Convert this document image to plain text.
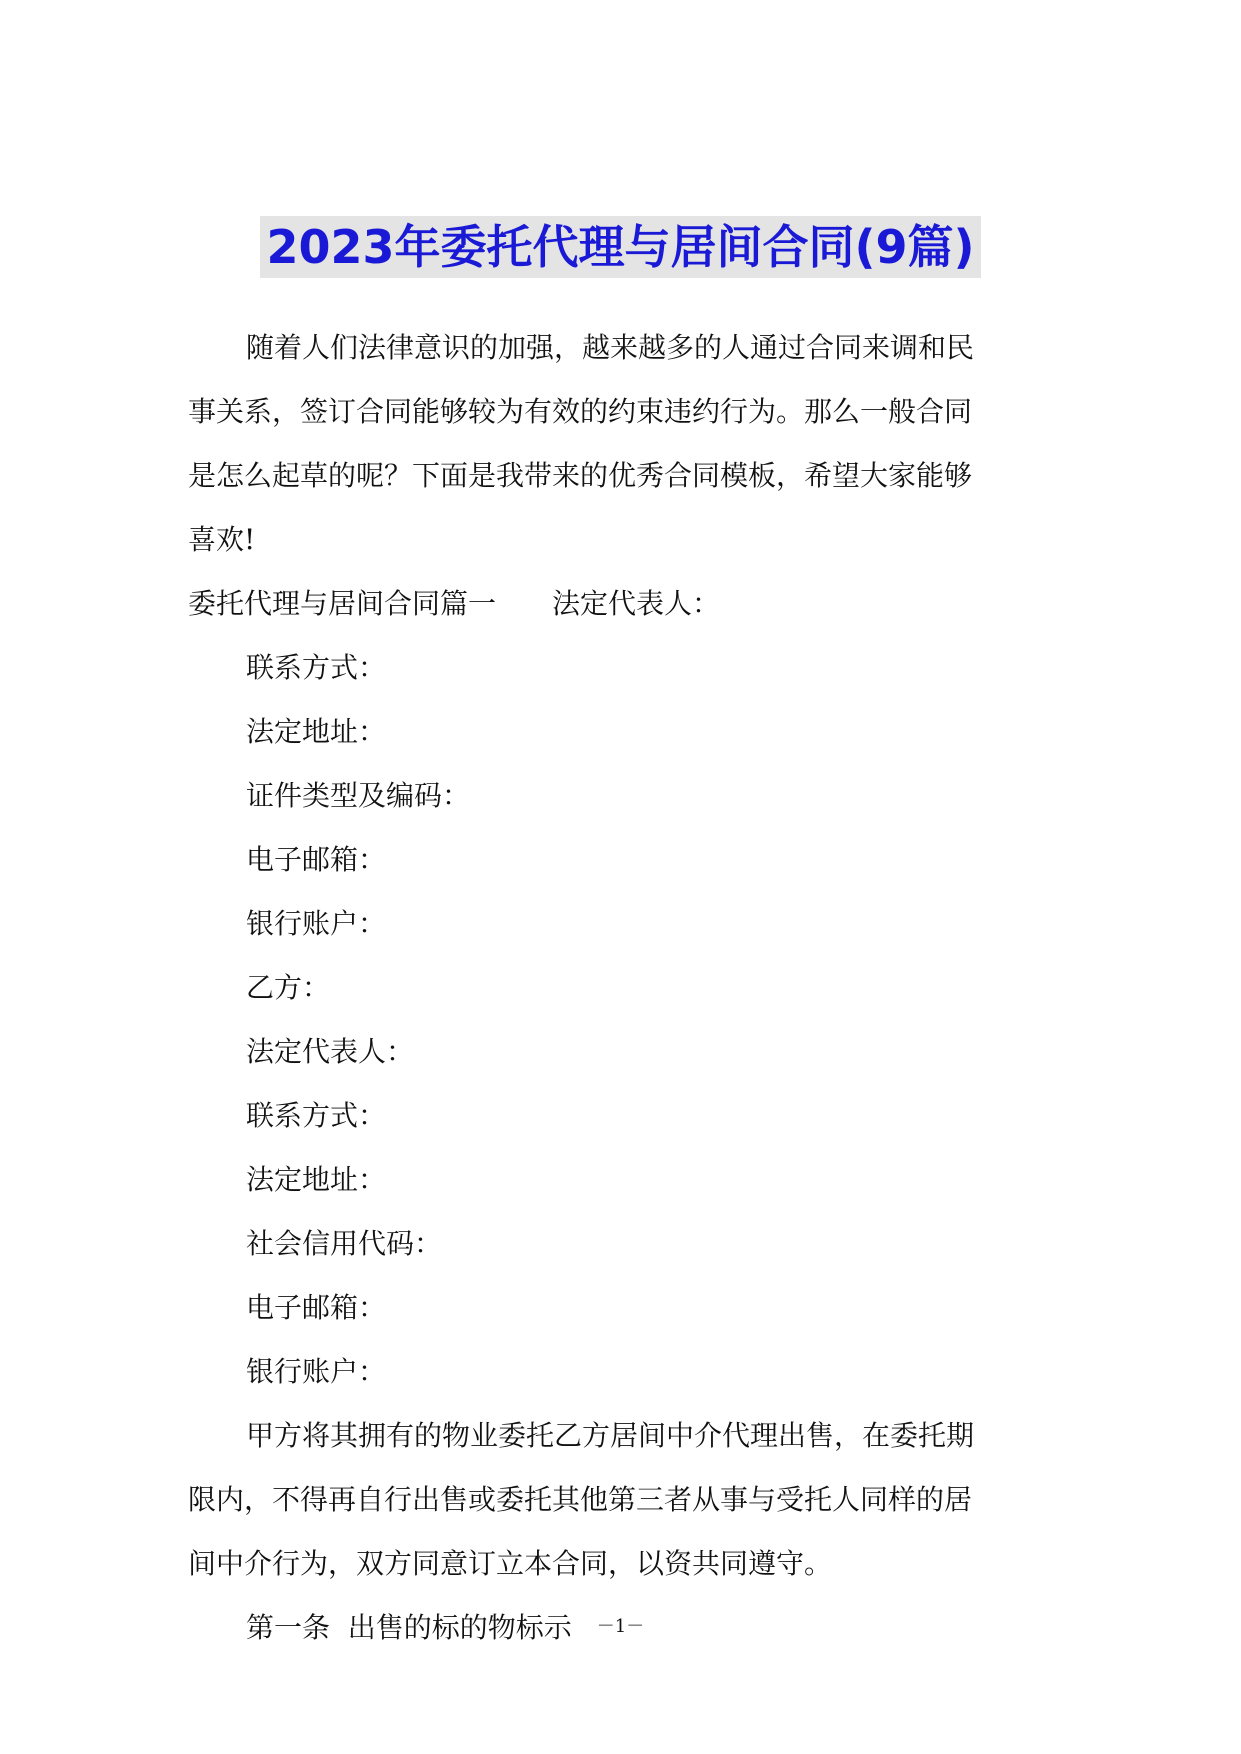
2023年委托代理与居间合同(9篇)

随着人们法律意识的加强，越来越多的人通过合同来调和民事关系，签订合同能够较为有效的约束违约行为。那么一般合同是怎么起草的呢？下面是我带来的优秀合同模板，希望大家能够喜欢!

委托代理与居间合同篇一 法定代表人：

联系方式：

法定地址：

证件类型及编码：

电子邮箱：

银行账户：

乙方：

法定代表人：

联系方式：

法定地址：

社会信用代码：

电子邮箱：

银行账户：

甲方将其拥有的物业委托乙方居间中介代理出售，在委托期限内，不得再自行出售或委托其他第三者从事与受托人同样的居间中介行为，双方同意订立本合同，以资共同遵守。

第一条  出售的标的物标示	－1－
